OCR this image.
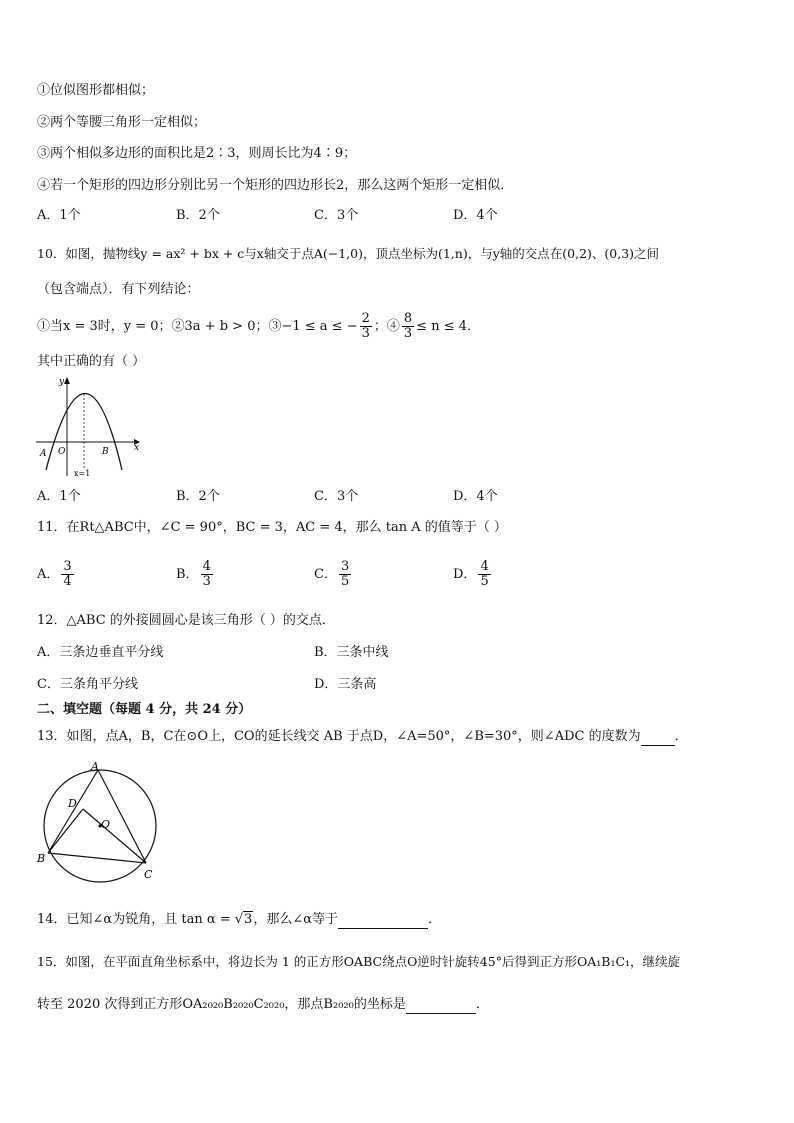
①位似图形都相似；
②两个等腰三角形一定相似；
③两个相似多边形的面积比是2∶3，则周长比为4∶9；
④若一个矩形的四边形分别比另一个矩形的四边形长2，那么这两个矩形一定相似．
A．1个	B．2个	C．3个	D．4个
10．如图，抛物线y = ax² + bx + c与x轴交于点A(−1,0)，顶点坐标为(1,n)，与y轴的交点在(0,2)、(0,3)之间
（包含端点）．有下列结论：
①当x = 3时，y = 0；②3a + b > 0；③−1 ≤ a ≤ − $\frac{2}{3}$ ；④ $\frac{8}{3} \le n \le 4$．
其中正确的有（ ）
y
x
A O	B
x=1
A．1个	B．2个	C．3个	D．4个
11．在Rt△ABC中，∠C = 90°，BC = 3，AC = 4，那么 tan A 的值等于（ ）
A． $\frac{3}{4}$	B． $\frac{4}{3}$	C． $\frac{3}{5}$	D． $\frac{4}{5}$
12．△ABC 的外接圆圆心是该三角形（ ）的交点．
A．三条边垂直平分线	B．三条中线
C．三条角平分线	D．三条高
二、填空题（每题 4 分，共 24 分）
13．如图，点A，B，C在⊙O上，CO的延长线交 AB 于点D，∠A=50°，∠B=30°，则∠ADC 的度数为	．
A
D
O
B
C
14．已知∠α为锐角，且 tan α = √3，那么∠α等于	．
15．如图，在平面直角坐标系中，将边长为 1 的正方形OABC绕点O逆时针旋转45°后得到正方形OA₁B₁C₁，继续旋
转至 2020 次得到正方形OA₂₀₂₀B₂₀₂₀C₂₀₂₀，那点B₂₀₂₀的坐标是	．
